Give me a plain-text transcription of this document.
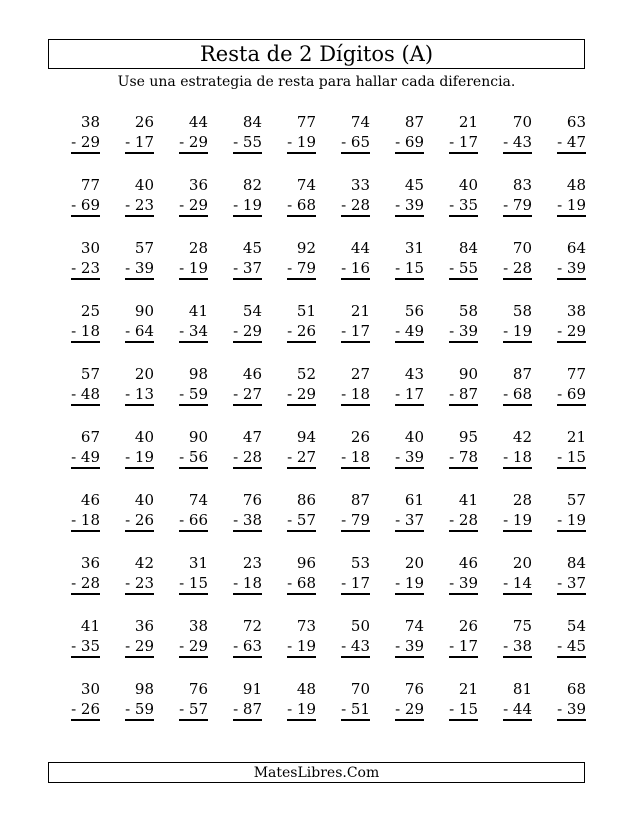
Resta de 2 Dígitos (A)
Use una estrategia de resta para hallar cada diferencia.
38
- 29
26
- 17
44
- 29
84
- 55
77
- 19
74
- 65
87
- 69
21
- 17
70
- 43
63
- 47
77
- 69
40
- 23
36
- 29
82
- 19
74
- 68
33
- 28
45
- 39
40
- 35
83
- 79
48
- 19
30
- 23
57
- 39
28
- 19
45
- 37
92
- 79
44
- 16
31
- 15
84
- 55
70
- 28
64
- 39
25
- 18
90
- 64
41
- 34
54
- 29
51
- 26
21
- 17
56
- 49
58
- 39
58
- 19
38
- 29
57
- 48
20
- 13
98
- 59
46
- 27
52
- 29
27
- 18
43
- 17
90
- 87
87
- 68
77
- 69
67
- 49
40
- 19
90
- 56
47
- 28
94
- 27
26
- 18
40
- 39
95
- 78
42
- 18
21
- 15
46
- 18
40
- 26
74
- 66
76
- 38
86
- 57
87
- 79
61
- 37
41
- 28
28
- 19
57
- 19
36
- 28
42
- 23
31
- 15
23
- 18
96
- 68
53
- 17
20
- 19
46
- 39
20
- 14
84
- 37
41
- 35
36
- 29
38
- 29
72
- 63
73
- 19
50
- 43
74
- 39
26
- 17
75
- 38
54
- 45
30
- 26
98
- 59
76
- 57
91
- 87
48
- 19
70
- 51
76
- 29
21
- 15
81
- 44
68
- 39
MatesLibres.Com
